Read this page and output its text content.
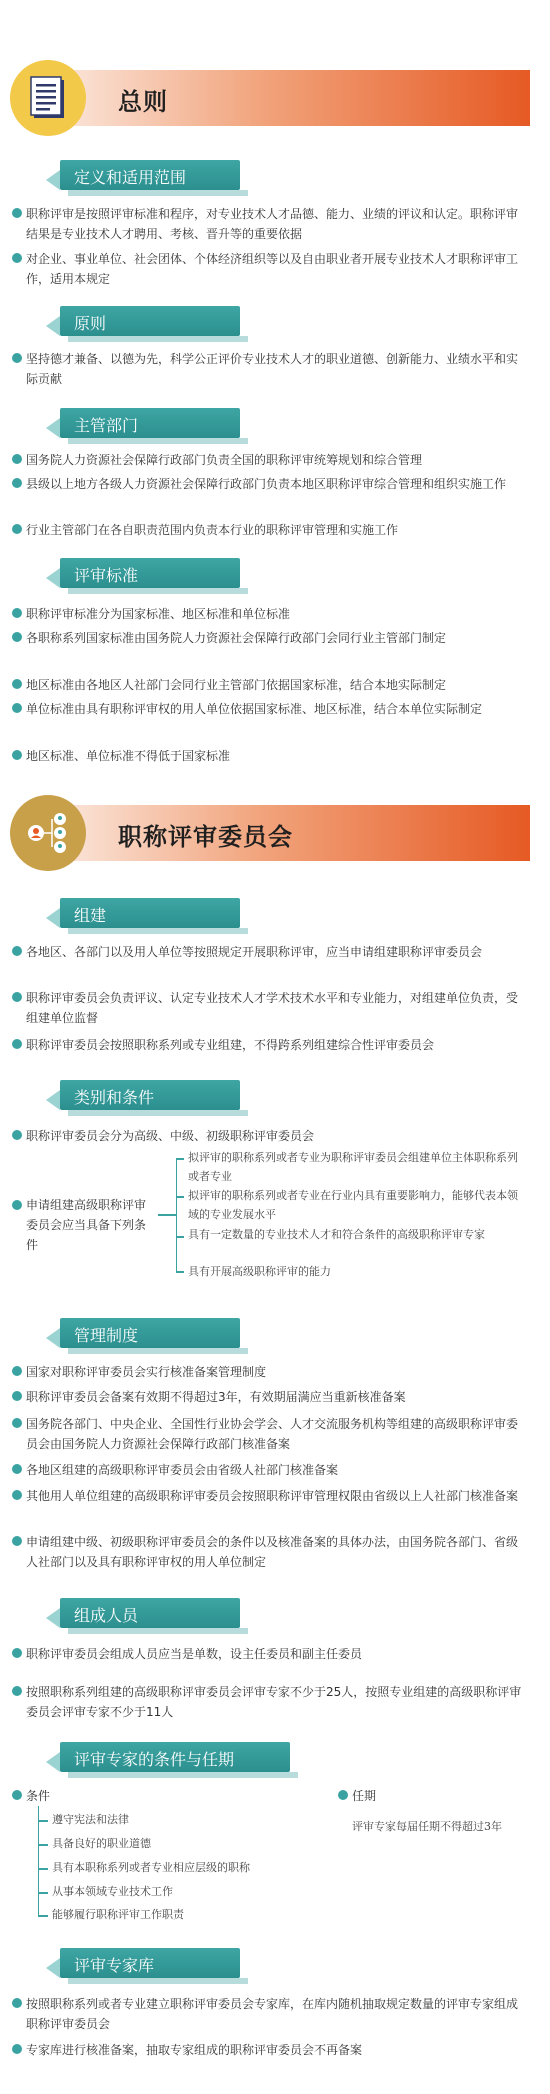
总则
定义和适用范围
职称评审是按照评审标准和程序，对专业技术人才品德、能力、业绩的评议和认定。职称评审结果是专业技术人才聘用、考核、晋升等的重要依据
对企业、事业单位、社会团体、个体经济组织等以及自由职业者开展专业技术人才职称评审工作，适用本规定
原则
坚持德才兼备、以德为先，科学公正评价专业技术人才的职业道德、创新能力、业绩水平和实际贡献
主管部门
国务院人力资源社会保障行政部门负责全国的职称评审统筹规划和综合管理
县级以上地方各级人力资源社会保障行政部门负责本地区职称评审综合管理和组织实施工作
行业主管部门在各自职责范围内负责本行业的职称评审管理和实施工作
评审标准
职称评审标准分为国家标准、地区标准和单位标准
各职称系列国家标准由国务院人力资源社会保障行政部门会同行业主管部门制定
地区标准由各地区人社部门会同行业主管部门依据国家标准，结合本地实际制定
单位标准由具有职称评审权的用人单位依据国家标准、地区标准，结合本单位实际制定
地区标准、单位标准不得低于国家标准
职称评审委员会
组建
各地区、各部门以及用人单位等按照规定开展职称评审，应当申请组建职称评审委员会
职称评审委员会负责评议、认定专业技术人才学术技术水平和专业能力，对组建单位负责，受组建单位监督
职称评审委员会按照职称系列或专业组建，不得跨系列组建综合性评审委员会
类别和条件
职称评审委员会分为高级、中级、初级职称评审委员会
申请组建高级职称评审委员会应当具备下列条件
拟评审的职称系列或者专业为职称评审委员会组建单位主体职称系列或者专业
拟评审的职称系列或者专业在行业内具有重要影响力，能够代表本领域的专业发展水平
具有一定数量的专业技术人才和符合条件的高级职称评审专家
具有开展高级职称评审的能力
管理制度
国家对职称评审委员会实行核准备案管理制度
职称评审委员会备案有效期不得超过3年，有效期届满应当重新核准备案
国务院各部门、中央企业、全国性行业协会学会、人才交流服务机构等组建的高级职称评审委员会由国务院人力资源社会保障行政部门核准备案
各地区组建的高级职称评审委员会由省级人社部门核准备案
其他用人单位组建的高级职称评审委员会按照职称评审管理权限由省级以上人社部门核准备案
申请组建中级、初级职称评审委员会的条件以及核准备案的具体办法，由国务院各部门、省级人社部门以及具有职称评审权的用人单位制定
组成人员
职称评审委员会组成人员应当是单数，设主任委员和副主任委员
按照职称系列组建的高级职称评审委员会评审专家不少于25人，按照专业组建的高级职称评审委员会评审专家不少于11人
评审专家的条件与任期
条件
遵守宪法和法律
具备良好的职业道德
具有本职称系列或者专业相应层级的职称
从事本领域专业技术工作
能够履行职称评审工作职责
任期
评审专家每届任期不得超过3年
评审专家库
按照职称系列或者专业建立职称评审委员会专家库，在库内随机抽取规定数量的评审专家组成职称评审委员会
专家库进行核准备案，抽取专家组成的职称评审委员会不再备案
